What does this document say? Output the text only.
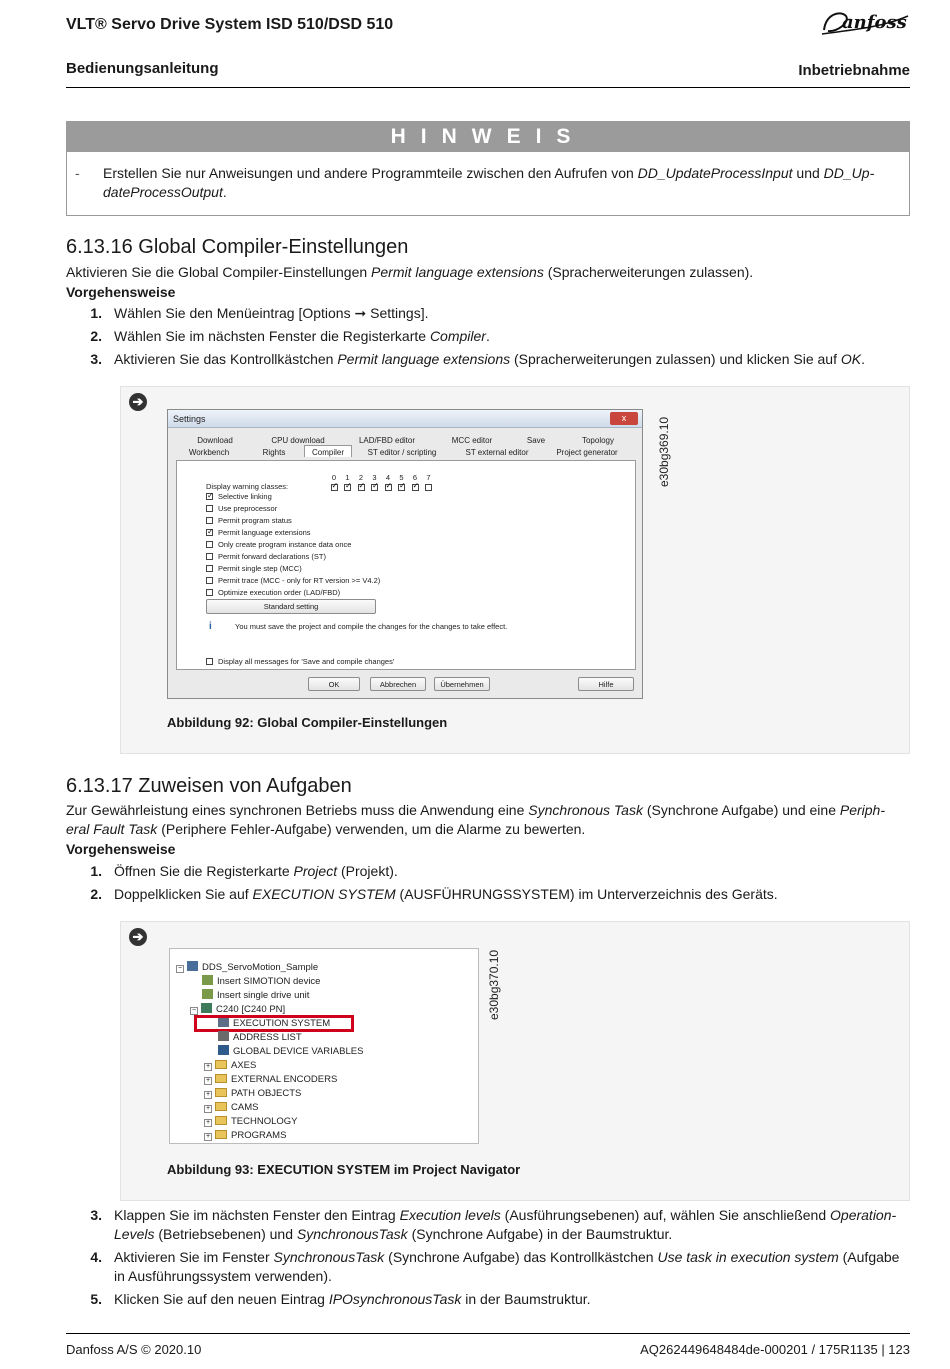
VLT® Servo Drive System ISD 510/DSD 510	anfoss
Bedienungsanleitung	Inbetriebnahme
HINWEIS
- Erstellen Sie nur Anweisungen und andere Programmteile zwischen den Aufrufen von DD_UpdateProcessInput und DD_Up-
dateProcessOutput.
6.13.16 Global Compiler-Einstellungen
Aktivieren Sie die Global Compiler-Einstellungen Permit language extensions (Spracherweiterungen zulassen).
Vorgehensweise
1. Wählen Sie den Menüeintrag [Options ➞ Settings].
2. Wählen Sie im nächsten Fenster die Registerkarte Compiler.
3. Aktivieren Sie das Kontrollkästchen Permit language extensions (Spracherweiterungen zulassen) und klicken Sie auf OK.
➔
e30bg369.10
Settings	x
Download	CPU download	LAD/FBD editor	MCC editor	Save	Topology
Workbench	Rights	Compiler	ST editor / scripting	ST external editor	Project generator
Display warning classes:
0
✓	1
✓	2
✓	3
✓	4
✓	5
✓	6
✓	7
✓Selective linking
Use preprocessor
Permit program status
✓Permit language extensions
Only create program instance data once
Permit forward declarations (ST)
Permit single step (MCC)
Permit trace (MCC - only for RT version >= V4.2)
Optimize execution order (LAD/FBD)
Standard setting
i	You must save the project and compile the changes for the changes to take effect.
Display all messages for 'Save and compile changes'
OK	Abbrechen	Übernehmen	Hilfe
Abbildung 92: Global Compiler-Einstellungen
6.13.17 Zuweisen von Aufgaben
Zur Gewährleistung eines synchronen Betriebs muss die Anwendung eine Synchronous Task (Synchrone Aufgabe) und eine Periph-
eral Fault Task (Periphere Fehler-Aufgabe) verwenden, um die Alarme zu bewerten.
Vorgehensweise
1. Öffnen Sie die Registerkarte Project (Projekt).
2. Doppelklicken Sie auf EXECUTION SYSTEM (AUSFÜHRUNGSSYSTEM) im Unterverzeichnis des Geräts.
➔
e30bg370.10
− DDS_ServoMotion_Sample
Insert SIMOTION device
Insert single drive unit
− C240 [C240 PN]
EXECUTION SYSTEM
ADDRESS LIST
GLOBAL DEVICE VARIABLES
+ AXES
+ EXTERNAL ENCODERS
+ PATH OBJECTS
+ CAMS
+ TECHNOLOGY
+ PROGRAMS
Abbildung 93: EXECUTION SYSTEM im Project Navigator
3. Klappen Sie im nächsten Fenster den Eintrag Execution levels (Ausführungsebenen) auf, wählen Sie anschließend Operation-
Levels (Betriebsebenen) und SynchronousTask (Synchrone Aufgabe) in der Baumstruktur.
4. Aktivieren Sie im Fenster SynchronousTask (Synchrone Aufgabe) das Kontrollkästchen Use task in execution system (Aufgabe
in Ausführungssystem verwenden).
5. Klicken Sie auf den neuen Eintrag IPOsynchronousTask in der Baumstruktur.
Danfoss A/S © 2020.10	AQ262449648484de-000201 / 175R1135 | 123
